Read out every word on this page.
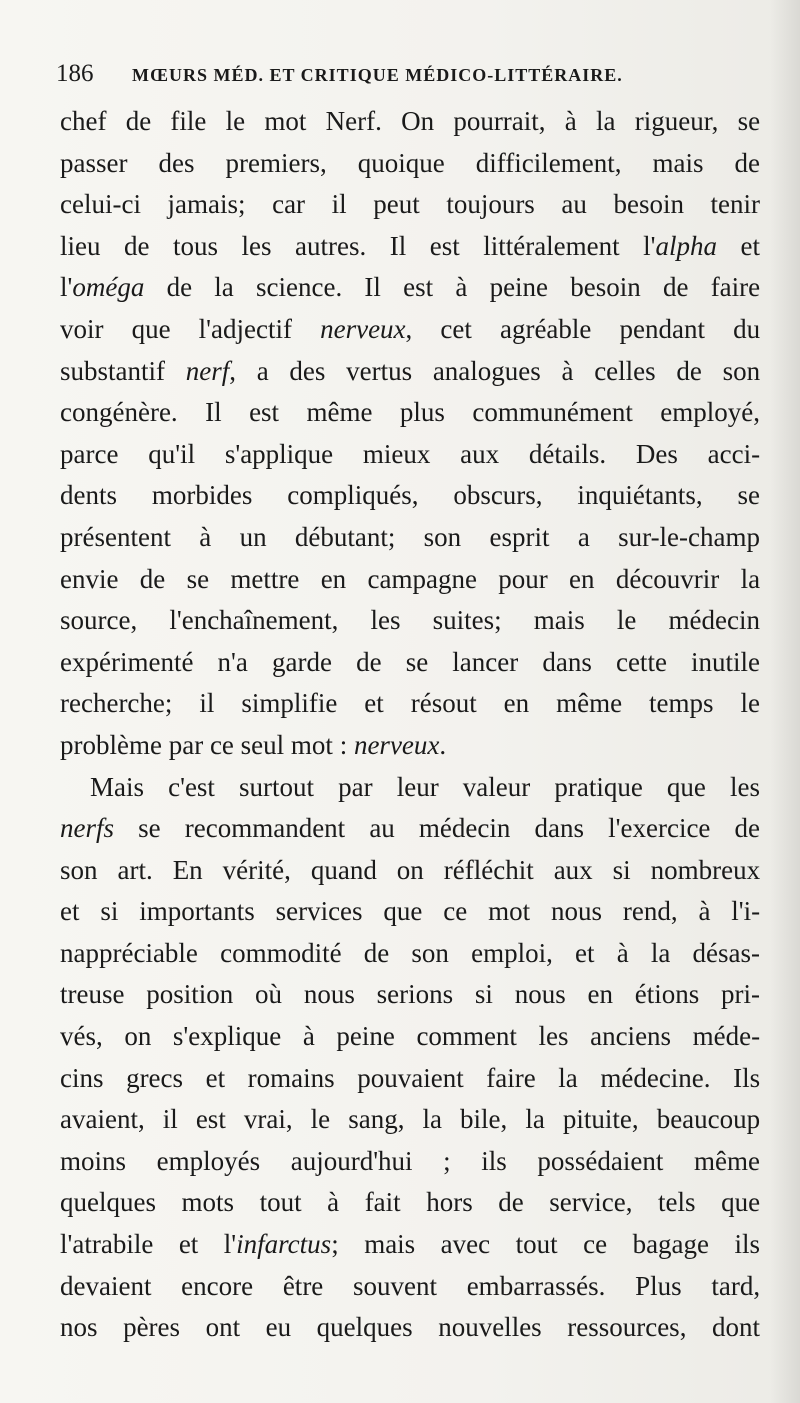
186 MŒURS MÉD. ET CRITIQUE MÉDICO-LITTÉRAIRE.
chef de file le mot Nerf. On pourrait, à la rigueur, se
passer des premiers, quoique difficilement, mais de
celui-ci jamais; car il peut toujours au besoin tenir
lieu de tous les autres. Il est littéralement l'alpha et
l'oméga de la science. Il est à peine besoin de faire
voir que l'adjectif nerveux, cet agréable pendant du
substantif nerf, a des vertus analogues à celles de son
congénère. Il est même plus communément employé,
parce qu'il s'applique mieux aux détails. Des acci-
dents morbides compliqués, obscurs, inquiétants, se
présentent à un débutant; son esprit a sur-le-champ
envie de se mettre en campagne pour en découvrir la
source, l'enchaînement, les suites; mais le médecin
expérimenté n'a garde de se lancer dans cette inutile
recherche; il simplifie et résout en même temps le
problème par ce seul mot : nerveux.
Mais c'est surtout par leur valeur pratique que les
nerfs se recommandent au médecin dans l'exercice de
son art. En vérité, quand on réfléchit aux si nombreux
et si importants services que ce mot nous rend, à l'i-
nappréciable commodité de son emploi, et à la désas-
treuse position où nous serions si nous en étions pri-
vés, on s'explique à peine comment les anciens méde-
cins grecs et romains pouvaient faire la médecine. Ils
avaient, il est vrai, le sang, la bile, la pituite, beaucoup
moins employés aujourd'hui ; ils possédaient même
quelques mots tout à fait hors de service, tels que
l'atrabile et l'infarctus; mais avec tout ce bagage ils
devaient encore être souvent embarrassés. Plus tard,
nos pères ont eu quelques nouvelles ressources, dont
